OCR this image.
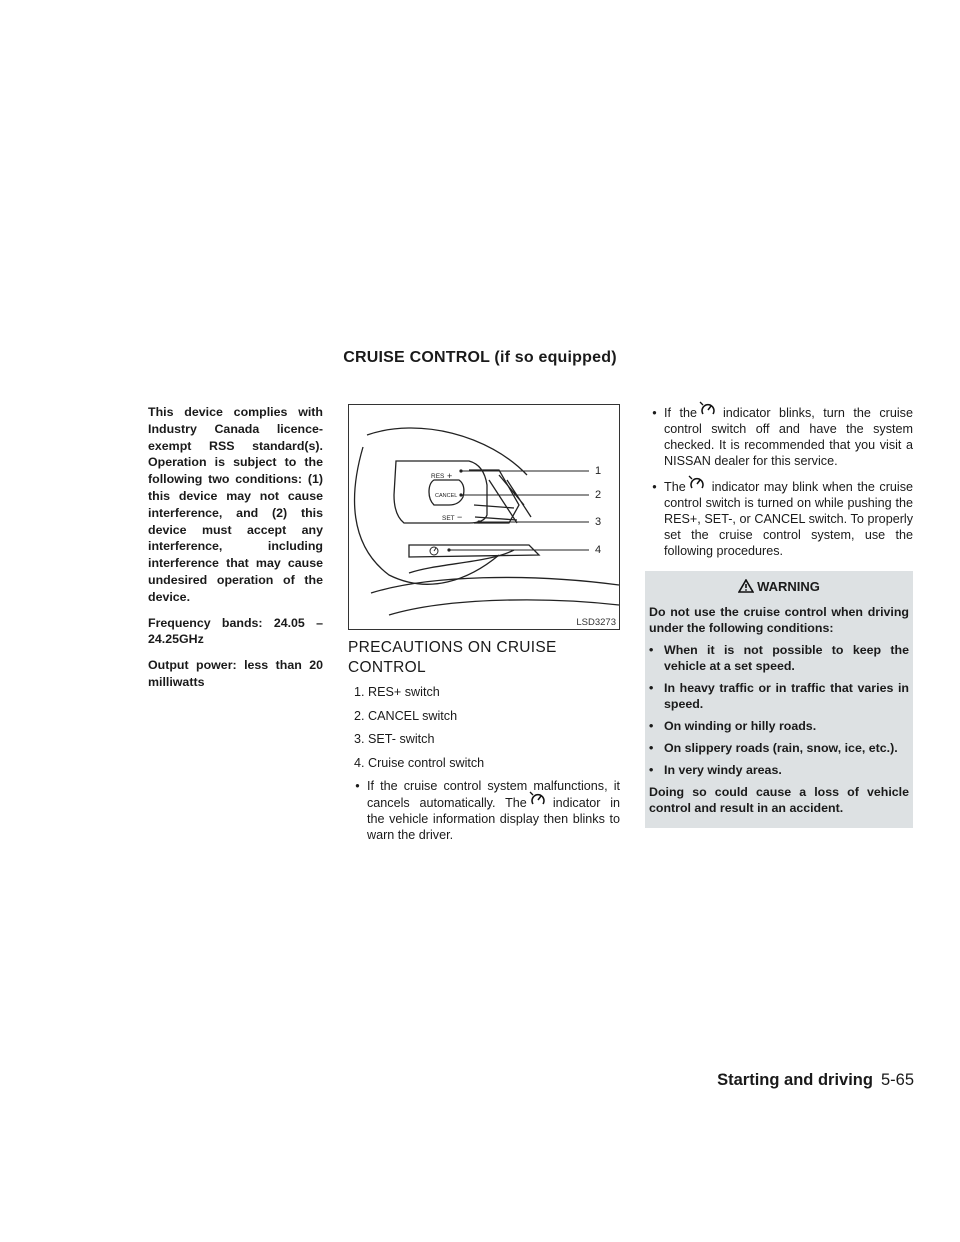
CRUISE CONTROL (if so equipped)

This device complies with Industry Canada licence-exempt RSS standard(s). Operation is subject to the following two conditions: (1) this device may not cause interference, and (2) this device must accept any interference, including interference that may cause undesired operation of the device.

Frequency bands: 24.05 – 24.25GHz

Output power: less than 20 milliwatts

RES +
CANCEL
SET −
1
2
3
4
LSD3273
PRECAUTIONS ON CRUISE
CONTROL
1. RES+ switch
2. CANCEL switch
3. SET- switch
4. Cruise control switch
• If the cruise control system malfunctions, it cancels automatically. The indicator in the vehicle information display then blinks to warn the driver.
• If the indicator blinks, turn the cruise control switch off and have the system checked. It is recommended that you visit a NISSAN dealer for this service.
• The indicator may blink when the cruise control switch is turned on while pushing the RES+, SET-, or CANCEL switch. To properly set the cruise control system, use the following procedures.
WARNING

Do not use the cruise control when driving under the following conditions:

• When it is not possible to keep the vehicle at a set speed.

• In heavy traffic or in traffic that varies in speed.

• On winding or hilly roads.

• On slippery roads (rain, snow, ice, etc.).

• In very windy areas.

Doing so could cause a loss of vehicle control and result in an accident.

Starting and driving 5-65
